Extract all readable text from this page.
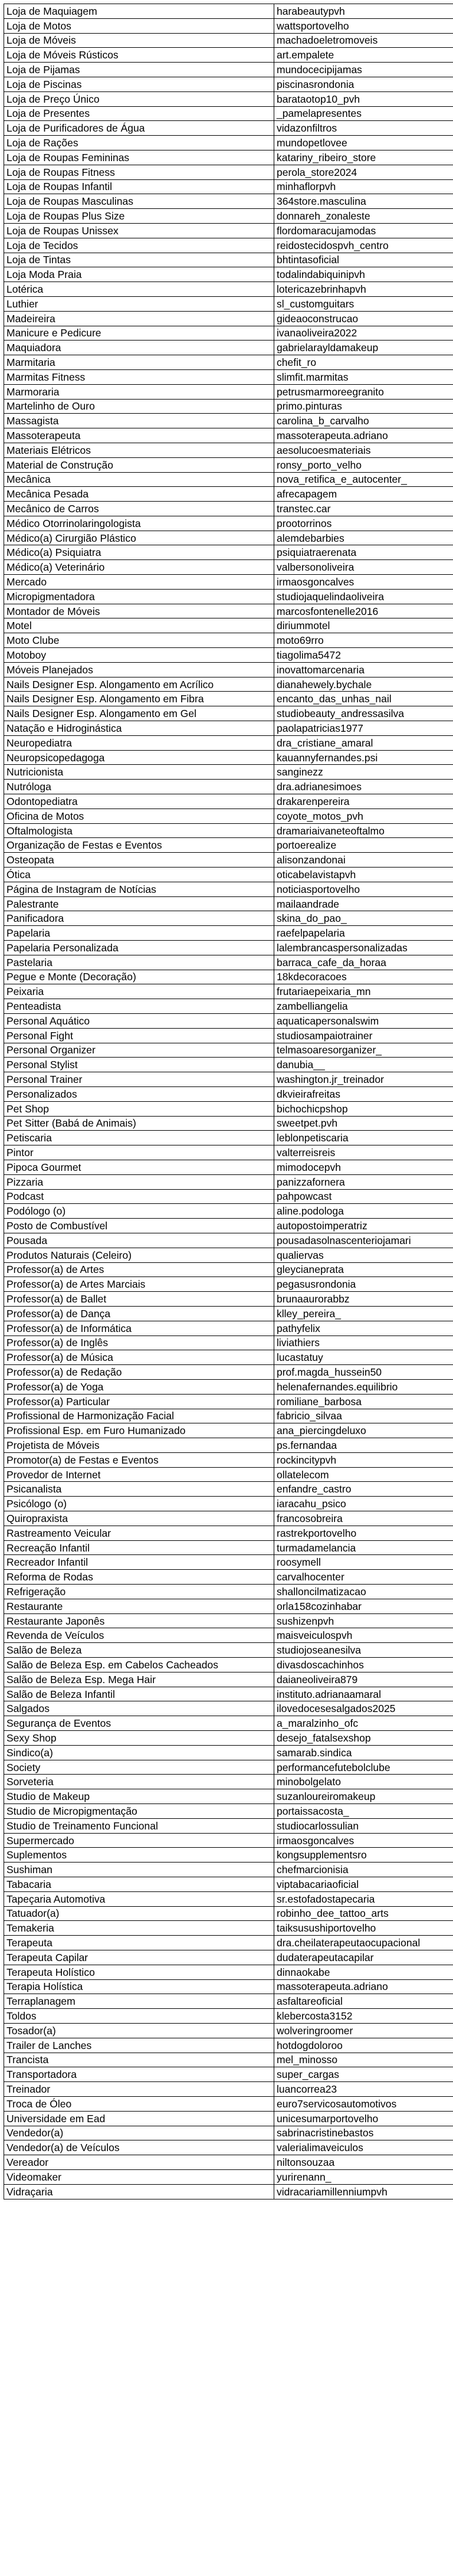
Loja de Maquiagem	harabeautypvh
Loja de Motos	wattsportovelho
Loja de Móveis	machadoeletromoveis
Loja de Móveis Rústicos	art.empalete
Loja de Pijamas	mundocecipijamas
Loja de Piscinas	piscinasrondonia
Loja de Preço Único	barataotop10_pvh
Loja de Presentes	_pamelapresentes
Loja de Purificadores de Água	vidazonfiltros
Loja de Rações	mundopetlovee
Loja de Roupas Femininas	katariny_ribeiro_store
Loja de Roupas Fitness	perola_store2024
Loja de Roupas Infantil	minhaflorpvh
Loja de Roupas Masculinas	364store.masculina
Loja de Roupas Plus Size	donnareh_zonaleste
Loja de Roupas Unissex	flordomaracujamodas
Loja de Tecidos	reidostecidospvh_centro
Loja de Tintas	bhtintasoficial
Loja Moda Praia	todalindabiquinipvh
Lotérica	lotericazebrinhapvh
Luthier	sl_customguitars
Madeireira	gideaoconstrucao
Manicure e Pedicure	ivanaoliveira2022
Maquiadora	gabrielarayldamakeup
Marmitaria	chefit_ro
Marmitas Fitness	slimfit.marmitas
Marmoraria	petrusmarmoreegranito
Martelinho de Ouro	primo.pinturas
Massagista	carolina_b_carvalho
Massoterapeuta	massoterapeuta.adriano
Materiais Elétricos	aesolucoesmateriais
Material de Construção	ronsy_porto_velho
Mecânica	nova_retifica_e_autocenter_
Mecânica Pesada	afrecapagem
Mecânico de Carros	transtec.car
Médico Otorrinolaringologista	prootorrinos
Médico(a) Cirurgião Plástico	alemdebarbies
Médico(a) Psiquiatra	psiquiatraerenata
Médico(a) Veterinário	valbersonoliveira
Mercado	irmaosgoncalves
Micropigmentadora	studiojaquelindaoliveira
Montador de Móveis	marcosfontenelle2016
Motel	diriummotel
Moto Clube	moto69rro
Motoboy	tiagolima5472
Móveis Planejados	inovattomarcenaria
Nails Designer Esp. Alongamento em Acrílico	dianahewely.bychale
Nails Designer Esp. Alongamento em Fibra	encanto_das_unhas_nail
Nails Designer Esp. Alongamento em Gel	studiobeauty_andressasilva
Natação e Hidroginástica	paolapatricias1977
Neuropediatra	dra_cristiane_amaral
Neuropsicopedagoga	kauannyfernandes.psi
Nutricionista	sanginezz
Nutróloga	dra.adrianesimoes
Odontopediatra	drakarenpereira
Oficina de Motos	coyote_motos_pvh
Oftalmologista	dramariaivaneteoftalmo
Organização de Festas e Eventos	portoerealize
Osteopata	alisonzandonai
Ótica	oticabelavistapvh
Página de Instagram de Notícias	noticiasportovelho
Palestrante	mailaandrade
Panificadora	skina_do_pao_
Papelaria	raefelpapelaria
Papelaria Personalizada	lalembrancaspersonalizadas
Pastelaria	barraca_cafe_da_horaa
Pegue e Monte (Decoração)	18kdecoracoes
Peixaria	frutariaepeixaria_mn
Penteadista	zambelliangelia
Personal Aquático	aquaticapersonalswim
Personal Fight	studiosampaiotrainer
Personal Organizer	telmasoaresorganizer_
Personal Stylist	danubia__
Personal Trainer	washington.jr_treinador
Personalizados	dkvieirafreitas
Pet Shop	bichochicpshop
Pet Sitter (Babá de Animais)	sweetpet.pvh
Petiscaria	leblonpetiscaria
Pintor	valterreisreis
Pipoca Gourmet	mimodocepvh
Pizzaria	panizzafornera
Podcast	pahpowcast
Podólogo (o)	aline.podologa
Posto de Combustível	autopostoimperatriz
Pousada	pousadasolnascenteriojamari
Produtos Naturais (Celeiro)	qualiervas
Professor(a) de Artes	gleycianeprata
Professor(a) de Artes Marciais	pegasusrondonia
Professor(a) de Ballet	brunaaurorabbz
Professor(a) de Dança	klley_pereira_
Professor(a) de Informática	pathyfelix
Professor(a) de Inglês	liviathiers
Professor(a) de Música	lucastatuy
Professor(a) de Redação	prof.magda_hussein50
Professor(a) de Yoga	helenafernandes.equilibrio
Professor(a) Particular	romiliane_barbosa
Profissional de Harmonização Facial	fabricio_silvaa
Profissional Esp. em Furo Humanizado	ana_piercingdeluxo
Projetista de Móveis	ps.fernandaa
Promotor(a) de Festas e Eventos	rockincitypvh
Provedor de Internet	ollatelecom
Psicanalista	enfandre_castro
Psicólogo (o)	iaracahu_psico
Quiropraxista	francosobreira
Rastreamento Veicular	rastrekportovelho
Recreação Infantil	turmadamelancia
Recreador Infantil	roosymell
Reforma de Rodas	carvalhocenter
Refrigeração	shalloncilmatizacao
Restaurante	orla158cozinhabar
Restaurante Japonês	sushizenpvh
Revenda de Veículos	maisveiculospvh
Salão de Beleza	studiojoseanesilva
Salão de Beleza Esp. em Cabelos Cacheados	divasdoscachinhos
Salão de Beleza Esp. Mega Hair	daianeoliveira879
Salão de Beleza Infantil	instituto.adrianaamaral
Salgados	ilovedocesesalgados2025
Segurança de Eventos	a_maralzinho_ofc
Sexy Shop	desejo_fatalsexshop
Sindico(a)	samarab.sindica
Society	performancefutebolclube
Sorveteria	minobolgelato
Studio de Makeup	suzanloureiromakeup
Studio de Micropigmentação	portaissacosta_
Studio de Treinamento Funcional	studiocarlossulian
Supermercado	irmaosgoncalves
Suplementos	kongsupplementsro
Sushiman	chefmarcionisia
Tabacaria	viptabacariaoficial
Tapeçaria Automotiva	sr.estofadostapecaria
Tatuador(a)	robinho_dee_tattoo_arts
Temakeria	taiksusushiportovelho
Terapeuta	dra.cheilaterapeutaocupacional
Terapeuta Capilar	dudaterapeutacapilar
Terapeuta Holístico	dinnaokabe
Terapia Holística	massoterapeuta.adriano
Terraplanagem	asfaltareoficial
Toldos	klebercosta3152
Tosador(a)	wolveringroomer
Trailer de Lanches	hotdogdoloroo
Trancista	mel_minosso
Transportadora	super_cargas
Treinador	luancorrea23
Troca de Óleo	euro7servicosautomotivos
Universidade em Ead	unicesumarportovelho
Vendedor(a)	sabrinacristinebastos
Vendedor(a) de Veículos	valerialimaveiculos
Vereador	niltonsouzaa
Videomaker	yurirenann_
Vidraçaria	vidracariamillenniumpvh
